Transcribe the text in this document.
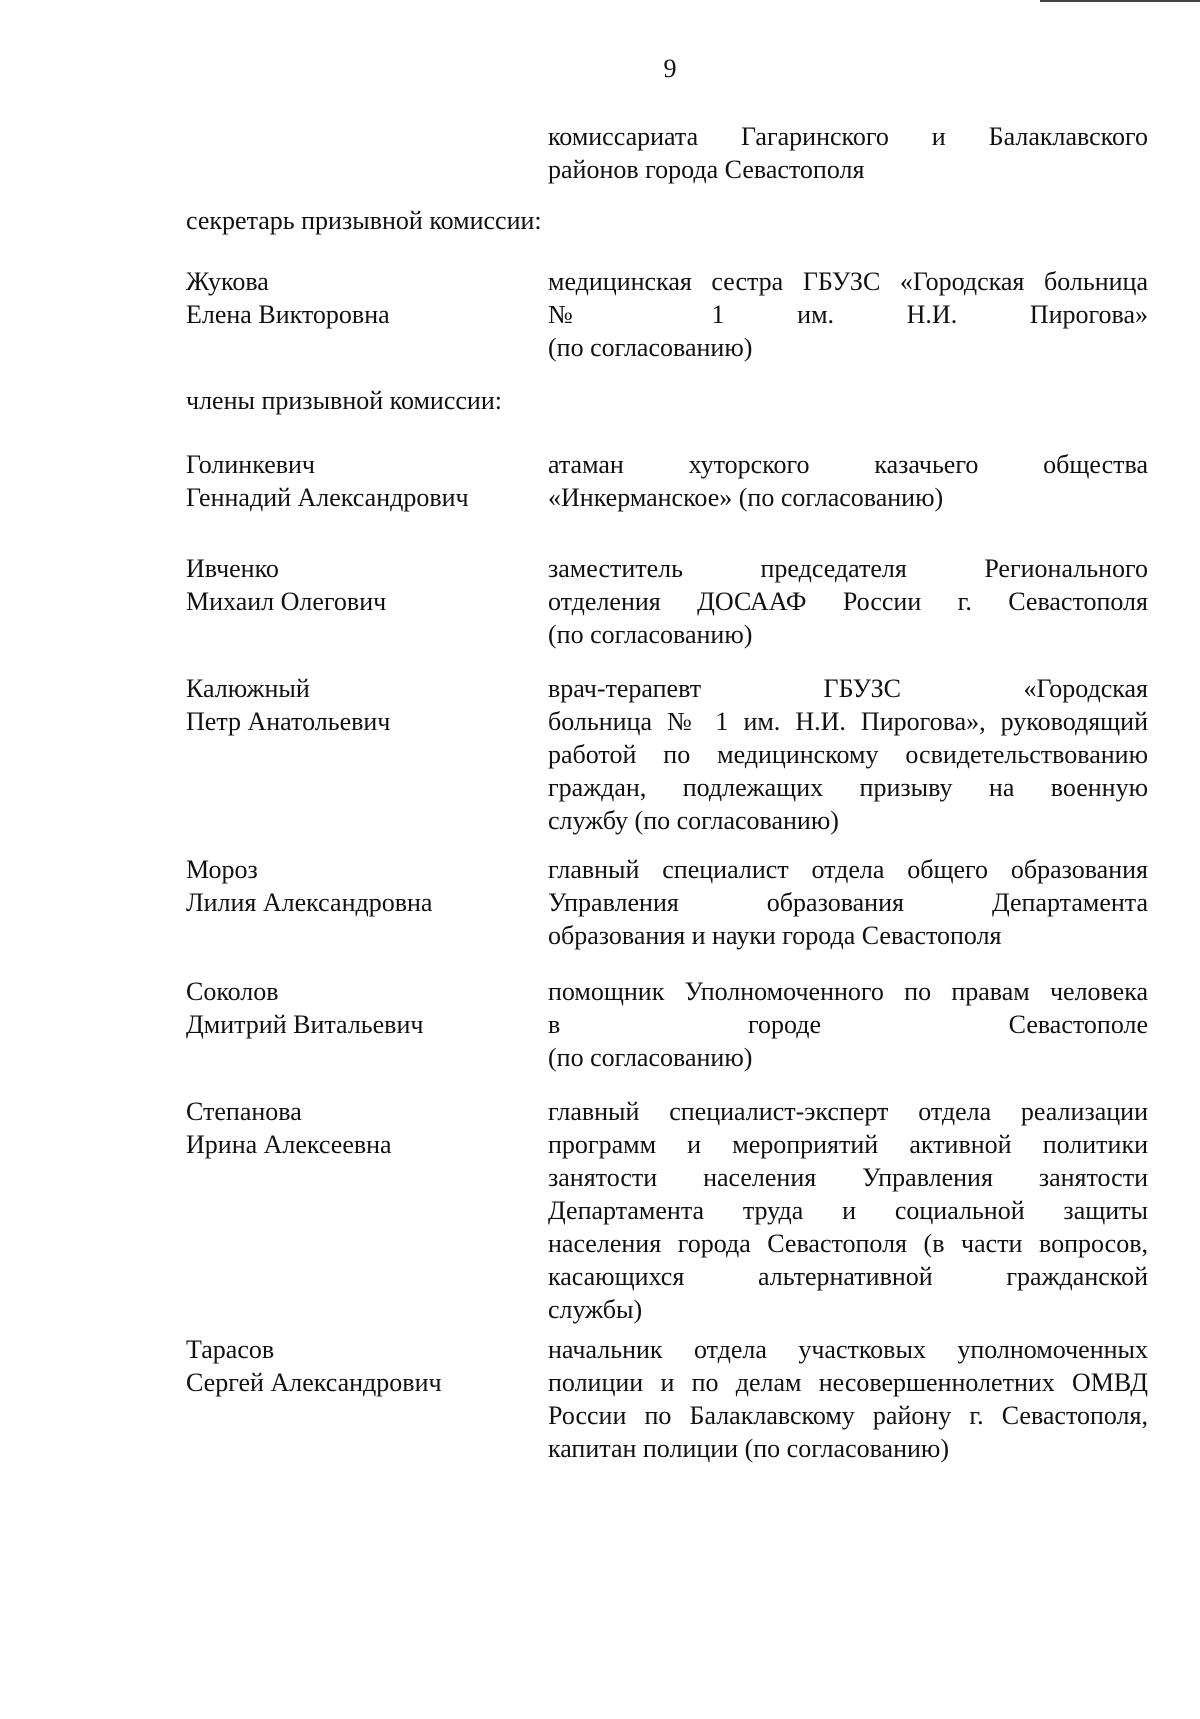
9
комиссариата Гагаринского и Балаклавского
районов города Севастополя
секретарь призывной комиссии:
Жукова
Елена Викторовна
медицинская сестра ГБУЗС «Городская больница
№ 1 им. Н.И. Пирогова»
(по согласованию)
члены призывной комиссии:
Голинкевич
Геннадий Александрович
атаман хуторского казачьего общества
«Инкерманское» (по согласованию)
Ивченко
Михаил Олегович
заместитель председателя Регионального
отделения ДОСААФ России г. Севастополя
(по согласованию)
Калюжный
Петр Анатольевич
врач-терапевт ГБУЗС «Городская
больница № 1 им. Н.И. Пирогова», руководящий
работой по медицинскому освидетельствованию
граждан, подлежащих призыву на военную
службу (по согласованию)
Мороз
Лилия Александровна
главный специалист отдела общего образования
Управления образования Департамента
образования и науки города Севастополя
Соколов
Дмитрий Витальевич
помощник Уполномоченного по правам человека
в городе Севастополе
(по согласованию)
Степанова
Ирина Алексеевна
главный специалист-эксперт отдела реализации
программ и мероприятий активной политики
занятости населения Управления занятости
Департамента труда и социальной защиты
населения города Севастополя (в части вопросов,
касающихся альтернативной гражданской
службы)
Тарасов
Сергей Александрович
начальник отдела участковых уполномоченных
полиции и по делам несовершеннолетних ОМВД
России по Балаклавскому району г. Севастополя,
капитан полиции (по согласованию)
